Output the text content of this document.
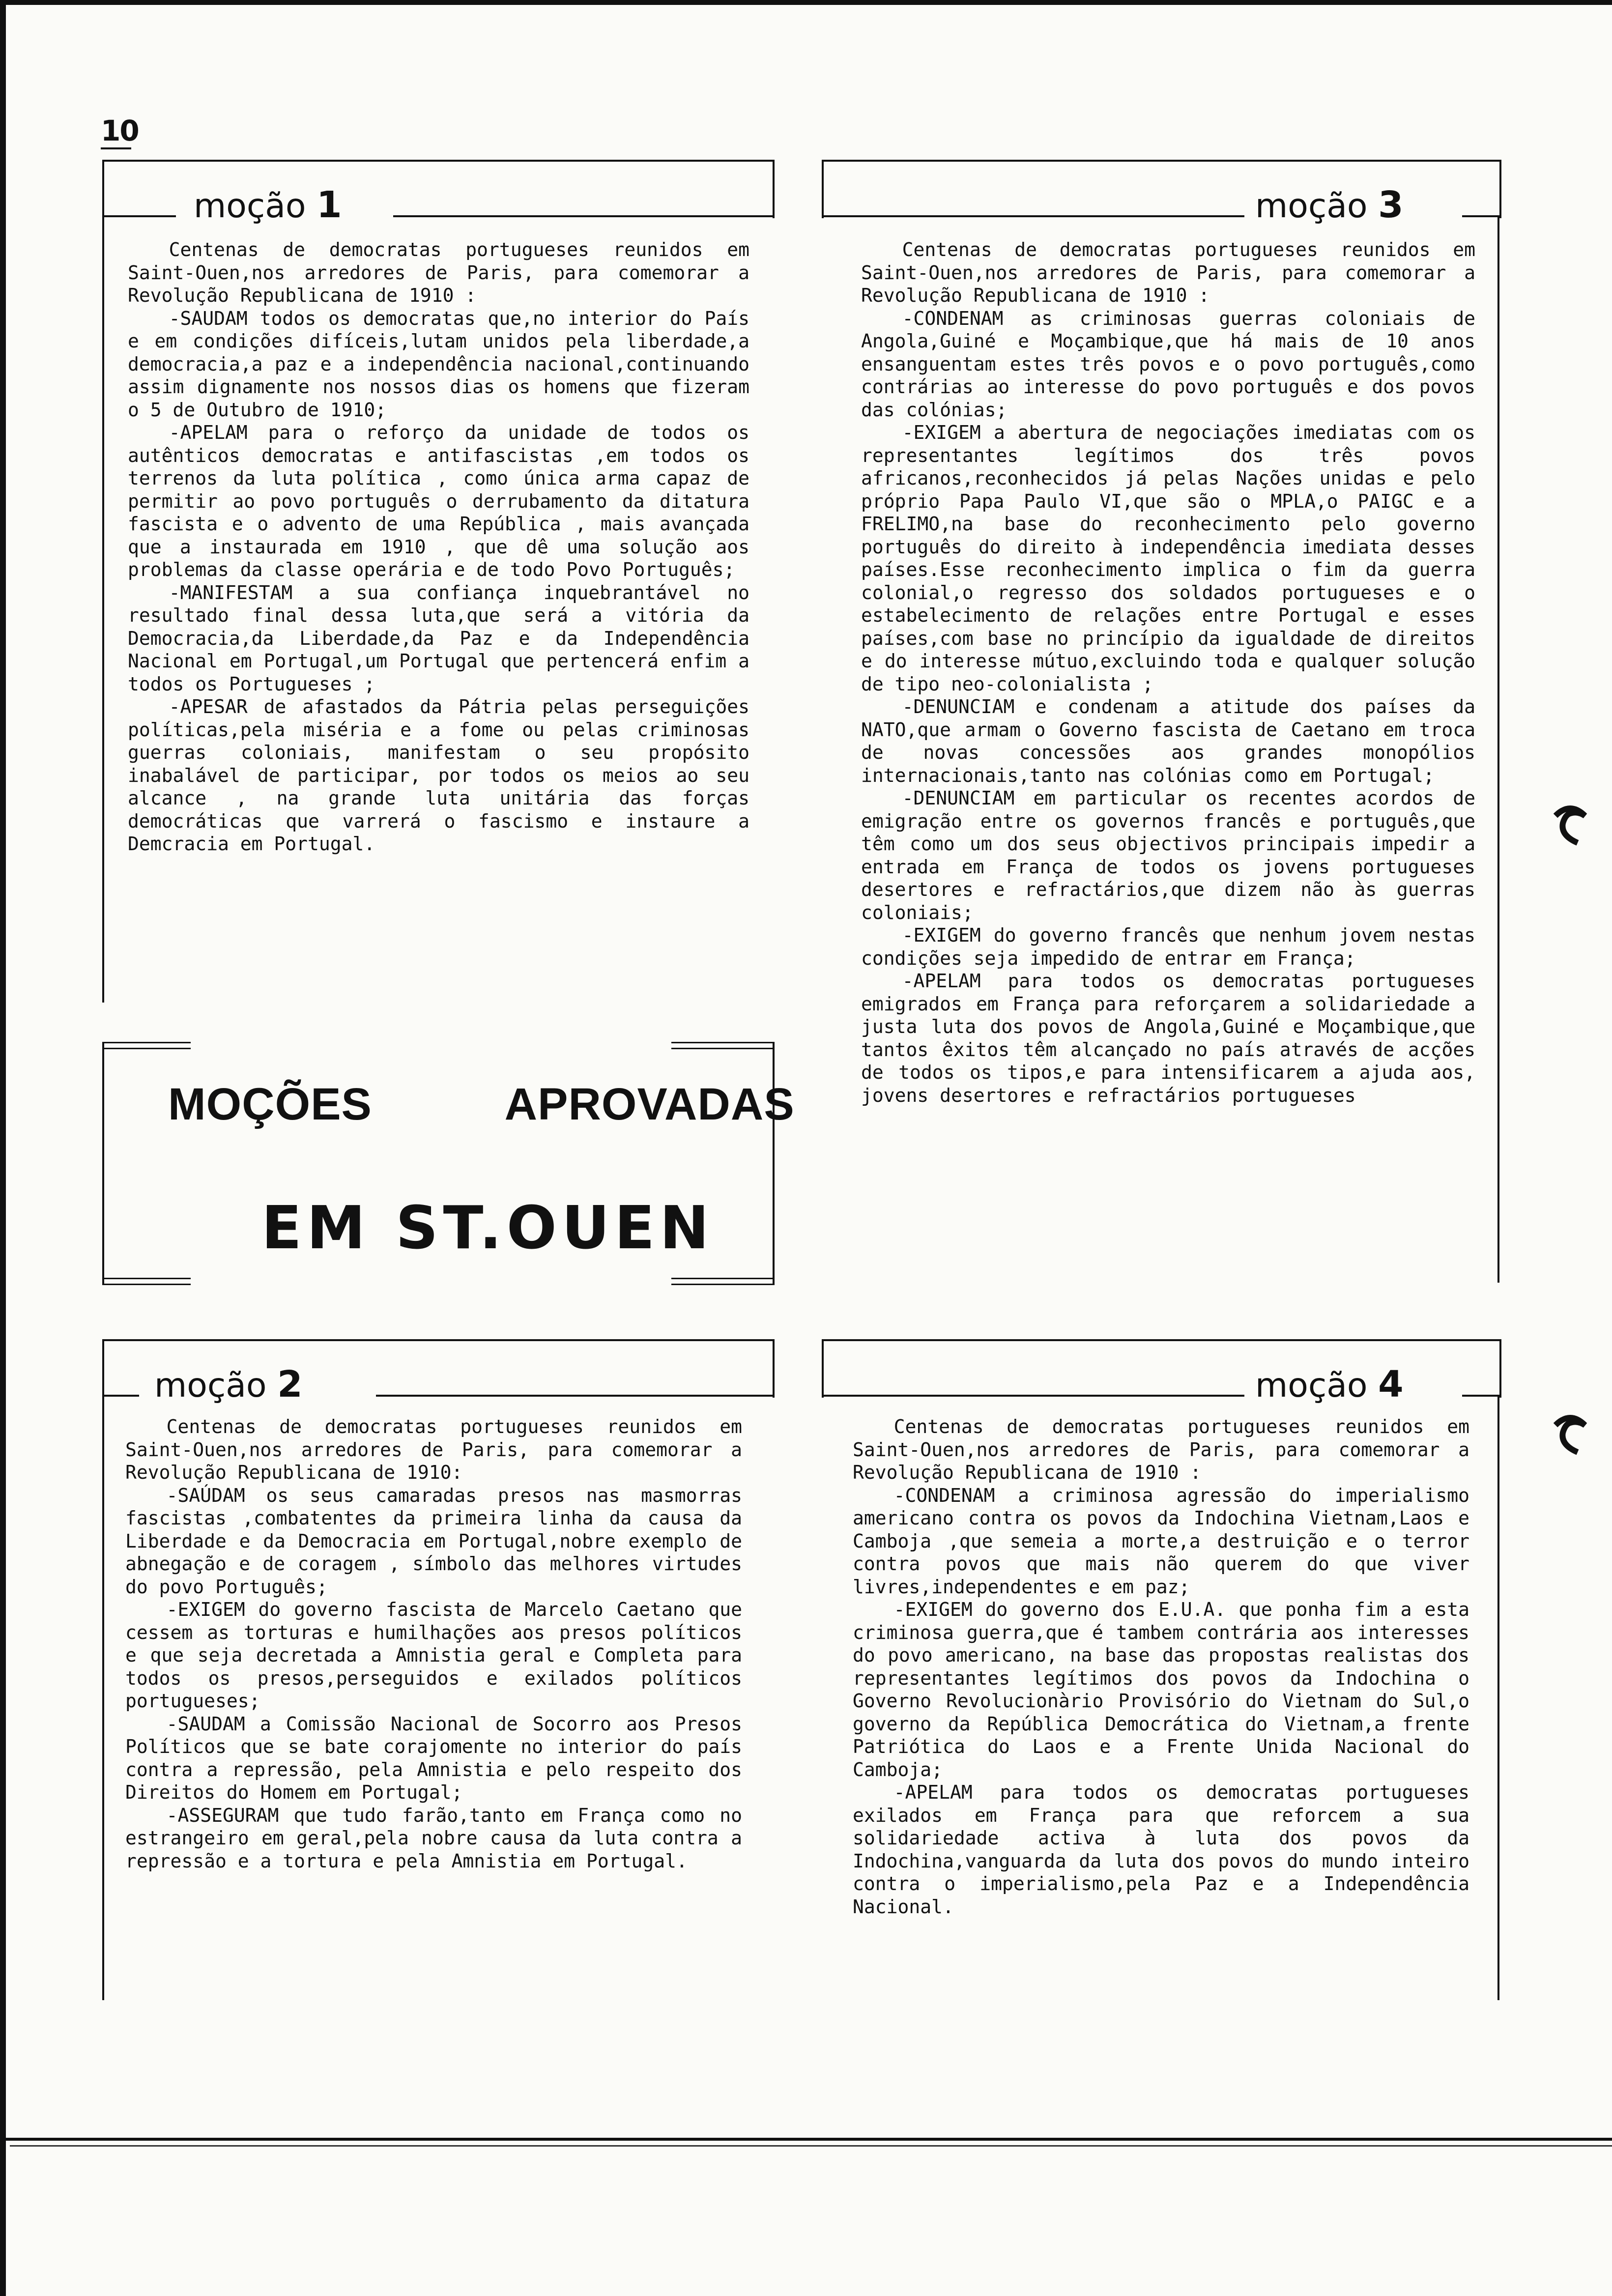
10
moção 1

Centenas de democratas portugueses reunidos em Saint-Ouen,nos arredores de Paris, para comemorar a Revolução Republicana de 1910 :

-SAUDAM todos os democratas que,no interior do País e em condições difíceis,lutam unidos pela liberdade,a democracia,a paz e a independência nacional,continuando assim dignamente nos nossos dias os homens que fizeram o 5 de Outubro de 1910;

-APELAM para o reforço da unidade de todos os autênticos democratas e antifascistas ,em todos os terrenos da luta política , como única arma capaz de permitir ao povo português o derrubamento da ditatura fascista e o advento de uma República , mais avançada que a instaurada em 1910 , que dê uma solução aos problemas da classe operária e de todo Povo Português;

-MANIFESTAM a sua confiança inquebrantável no resultado final dessa luta,que será a vitória da Democracia,da Liberdade,da Paz e da Independência Nacional em Portugal,um Portugal que pertencerá enfim a todos os Portugueses ;

-APESAR de afastados da Pátria pelas perseguições políticas,pela miséria e a fome ou pelas criminosas guerras coloniais, manifestam o seu propósito inabalável de participar, por todos os meios ao seu alcance , na grande luta unitária das forças democráticas que varrerá o fascismo e instaure a Demcracia em Portugal.

MOÇÕES	APROVADAS
EM ST.OUEN
moção 3

Centenas de democratas portugueses reunidos em Saint-Ouen,nos arredores de Paris, para comemorar a Revolução Republicana de 1910 :

-CONDENAM as criminosas guerras coloniais de Angola,Guiné e Moçambique,que há mais de 10 anos ensanguentam estes três povos e o povo português,como contrárias ao interesse do povo português e dos povos das colónias;

-EXIGEM a abertura de negociações imediatas com os representantes legítimos dos três povos africanos,reconhecidos já pelas Nações unidas e pelo próprio Papa Paulo VI,que são o MPLA,o PAIGC e a FRELIMO,na base do reconhecimento pelo governo português do direito à independência imediata desses países.Esse reconhecimento implica o fim da guerra colonial,o regresso dos soldados portugueses e o estabelecimento de relações entre Portugal e esses países,com base no princípio da igualdade de direitos e do interesse mútuo,excluindo toda e qualquer solução de tipo neo-colonialista ;

-DENUNCIAM e condenam a atitude dos países da NATO,que armam o Governo fascista de Caetano em troca de novas concessões aos grandes monopólios internacionais,tanto nas colónias como em Portugal;

-DENUNCIAM em particular os recentes acordos de emigração entre os governos francês e português,que têm como um dos seus objectivos principais impedir a entrada em França de todos os jovens portugueses desertores e refractários,que dizem não às guerras coloniais;

-EXIGEM do governo francês que nenhum jovem nestas condições seja impedido de entrar em França;

-APELAM para todos os democratas portugueses emigrados em França para reforçarem a solidariedade a justa luta dos povos de Angola,Guiné e Moçambique,que tantos êxitos têm alcançado no país através de acções de todos os tipos,e para intensificarem a ajuda aos, jovens desertores e refractários portugueses

moção 2

Centenas de democratas portugueses reunidos em Saint-Ouen,nos arredores de Paris, para comemorar a Revolução Republicana de 1910:

-SAÚDAM os seus camaradas presos nas masmorras fascistas ,combatentes da primeira linha da causa da Liberdade e da Democracia em Portugal,nobre exemplo de abnegação e de coragem , símbolo das melhores virtudes do povo Português;

-EXIGEM do governo fascista de Marcelo Caetano que cessem as torturas e humilhações aos presos políticos e que seja decretada a Amnistia geral e Completa para todos os presos,perseguidos e exilados políticos portugueses;

-SAUDAM a Comissão Nacional de Socorro aos Presos Políticos que se bate corajomente no interior do país contra a repressão, pela Amnistia e pelo respeito dos Direitos do Homem em Portugal;

-ASSEGURAM que tudo farão,tanto em França como no estrangeiro em geral,pela nobre causa da luta contra a repressão e a tortura e pela Amnistia em Portugal.

moção 4

Centenas de democratas portugueses reunidos em Saint-Ouen,nos arredores de Paris, para comemorar a Revolução Republicana de 1910 :

-CONDENAM a criminosa agressão do imperialismo americano contra os povos da Indochina Vietnam,Laos e Camboja ,que semeia a morte,a destruição e o terror contra povos que mais não querem do que viver livres,independentes e em paz;

-EXIGEM do governo dos E.U.A. que ponha fim a esta criminosa guerra,que é tambem contrária aos interesses do povo americano, na base das propostas realistas dos representantes legítimos dos povos da Indochina o Governo Revolucionàrio Provisório do Vietnam do Sul,o governo da República Democrática do Vietnam,a frente Patriótica do Laos e a Frente Unida Nacional do Camboja;

-APELAM para todos os democratas portugueses exilados em França para que reforcem a sua solidariedade activa à luta dos povos da Indochina,vanguarda da luta dos povos do mundo inteiro contra o imperialismo,pela Paz e a Independência Nacional.
